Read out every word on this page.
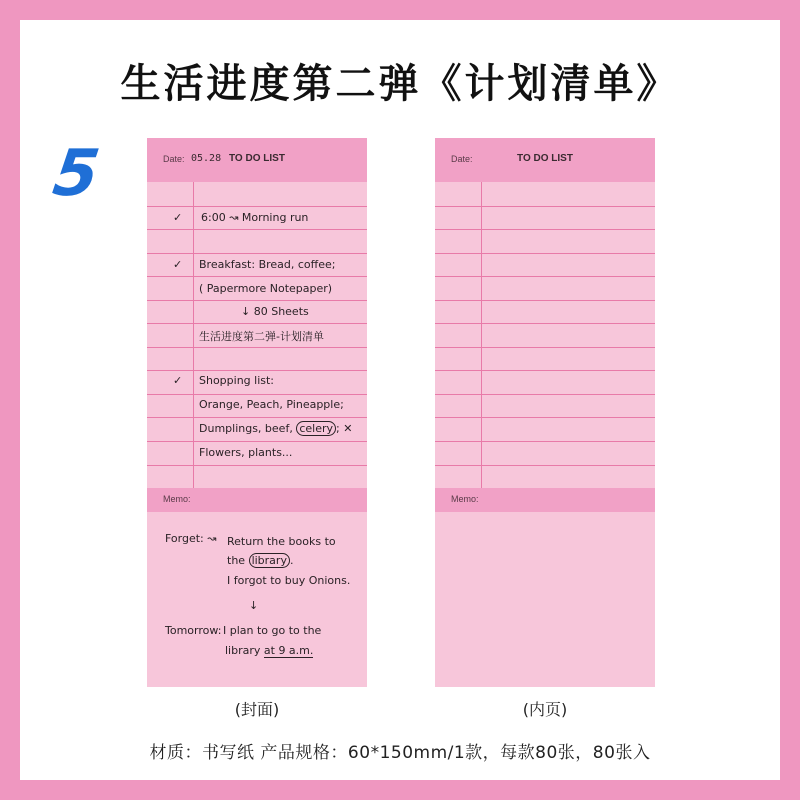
生活进度第二弹《计划清单》
5	Date: 05.28 TO DO LIST
✓
✓
✓
6:00 ↝ Morning run
Breakfast: Bread, coffee;
( Papermore Notepaper)
↓ 80 Sheets
生活进度第二弹-计划清单
Shopping list:
Orange, Peach, Pineapple;
Dumplings, beef, celery ; ✕
Flowers, plants...
Memo:
Forget: ↝ Return the books to
the library .
I forgot to buy Onions.
↓
Tomorrow: I plan to go to the
library at 9 a.m.
(封面)
Date:	TO DO LIST
Memo:
(内页)
材质：书写纸 产品规格：60*150mm/1款，每款80张，80张入
